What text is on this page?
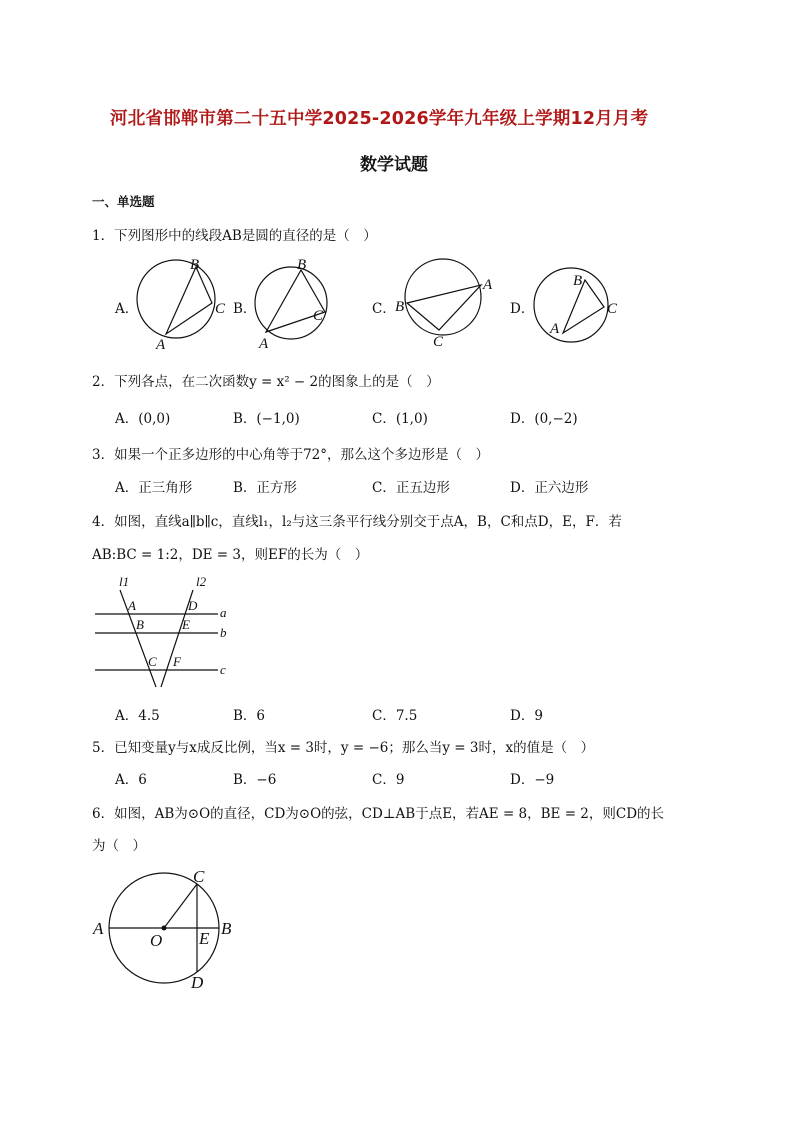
河北省邯郸市第二十五中学2025-2026学年九年级上学期12月月考
数学试题
一、单选题
1．下列图形中的线段AB是圆的直径的是（　）
A．	B．	C．	D．
B
C
A
B
C
A
A
B
C
B
C
A
2．下列各点，在二次函数y = x² − 2的图象上的是（　）
A．(0,0)	B．(−1,0)	C．(1,0)	D．(0,−2)
3．如果一个正多边形的中心角等于72°，那么这个多边形是（　）
A．正三角形	B．正方形	C．正五边形	D．正六边形
4．如图，直线a∥b∥c，直线l₁，l₂与这三条平行线分别交于点A，B，C和点D，E，F．若
AB:BC = 1:2，DE = 3，则EF的长为（　）
l1	l2
A	D a
B	E
b
C F
c
A．4.5	B．6	C．7.5	D．9
5．已知变量y与x成反比例，当x = 3时，y = −6；那么当y = 3时，x的值是（　）
A．6	B．−6	C．9	D．−9
6．如图，AB为⊙O的直径，CD为⊙O的弦，CD⊥AB于点E，若AE = 8，BE = 2，则CD的长
为（　）
A
O E
B
C
D
